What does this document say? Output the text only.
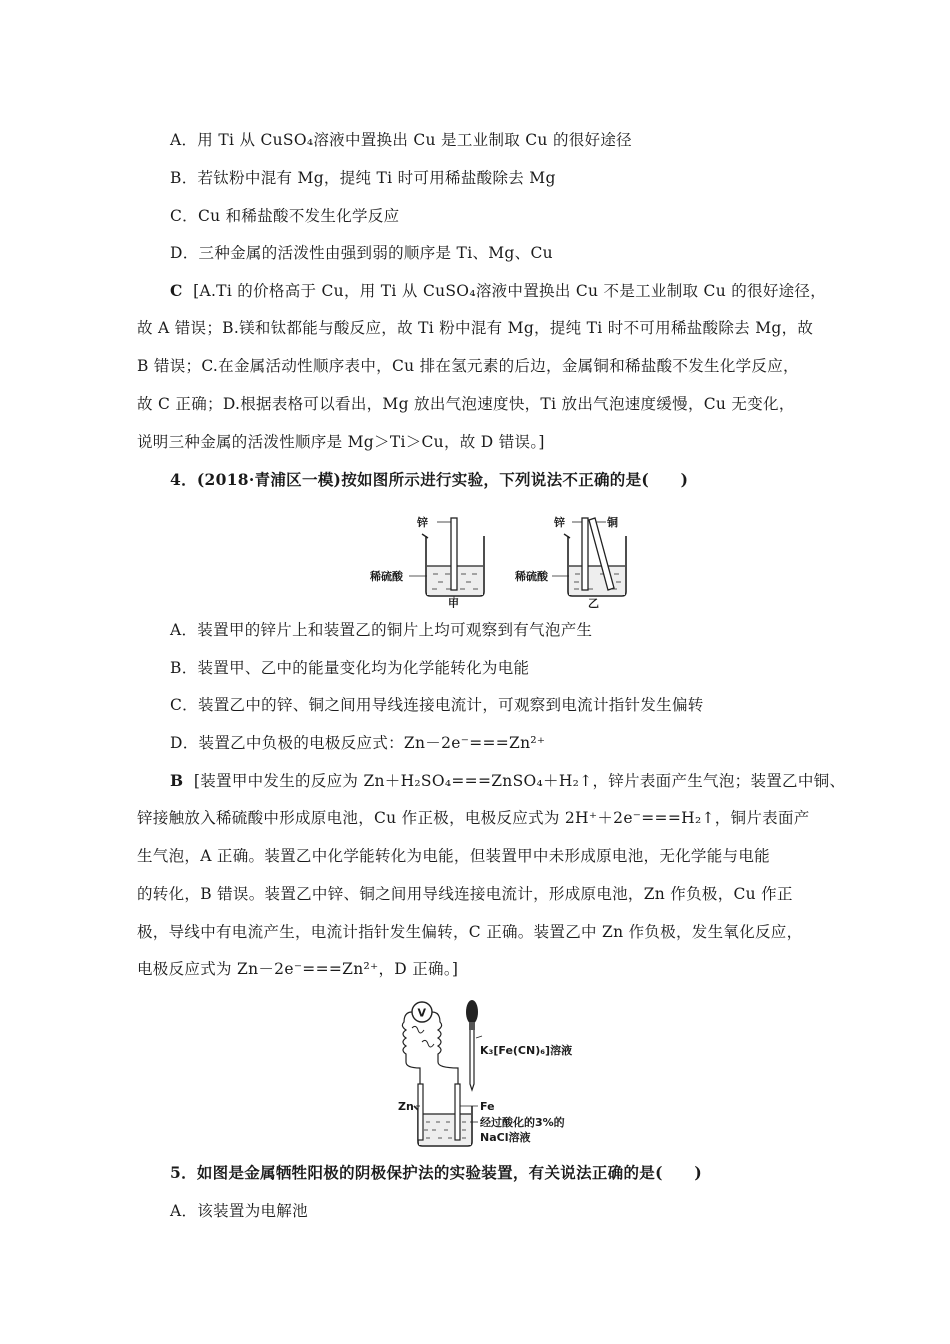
A．用 Ti 从 CuSO₄溶液中置换出 Cu 是工业制取 Cu 的很好途径
B．若钛粉中混有 Mg，提纯 Ti 时可用稀盐酸除去 Mg
C．Cu 和稀盐酸不发生化学反应
D．三种金属的活泼性由强到弱的顺序是 Ti、Mg、Cu
C [A.Ti 的价格高于 Cu，用 Ti 从 CuSO₄溶液中置换出 Cu 不是工业制取 Cu 的很好途径，
故 A 错误；B.镁和钛都能与酸反应，故 Ti 粉中混有 Mg，提纯 Ti 时不可用稀盐酸除去 Mg，故
B 错误；C.在金属活动性顺序表中，Cu 排在氢元素的后边，金属铜和稀盐酸不发生化学反应，
故 C 正确；D.根据表格可以看出，Mg 放出气泡速度快，Ti 放出气泡速度缓慢，Cu 无变化，
说明三种金属的活泼性顺序是 Mg＞Ti＞Cu，故 D 错误。]
4．(2018·青浦区一模)按如图所示进行实验，下列说法不正确的是(　　)
锌
稀硫酸
甲
锌	铜
稀硫酸
乙
A．装置甲的锌片上和装置乙的铜片上均可观察到有气泡产生
B．装置甲、乙中的能量变化均为化学能转化为电能
C．装置乙中的锌、铜之间用导线连接电流计，可观察到电流计指针发生偏转
D．装置乙中负极的电极反应式：Zn－2e⁻===Zn²⁺
B [装置甲中发生的反应为 Zn＋H₂SO₄===ZnSO₄＋H₂↑，锌片表面产生气泡；装置乙中铜、
锌接触放入稀硫酸中形成原电池，Cu 作正极，电极反应式为 2H⁺＋2e⁻===H₂↑，铜片表面产
生气泡，A 正确。装置乙中化学能转化为电能，但装置甲中未形成原电池，无化学能与电能
的转化，B 错误。装置乙中锌、铜之间用导线连接电流计，形成原电池，Zn 作负极，Cu 作正
极，导线中有电流产生，电流计指针发生偏转，C 正确。装置乙中 Zn 作负极，发生氧化反应，
电极反应式为 Zn－2e⁻===Zn²⁺，D 正确。]
V
K₃[Fe(CN)₆]溶液
Zn	Fe
经过酸化的3%的
NaCl溶液
5．如图是金属牺牲阳极的阴极保护法的实验装置，有关说法正确的是(　　)
A．该装置为电解池
